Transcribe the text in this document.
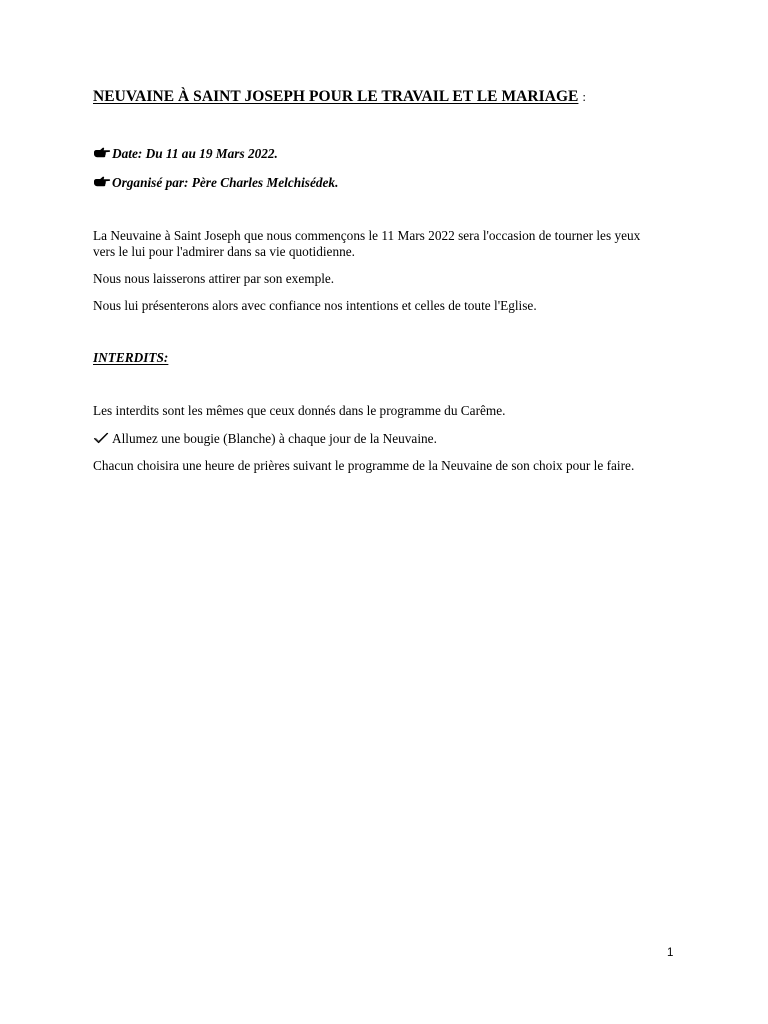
NEUVAINE À SAINT JOSEPH POUR LE TRAVAIL ET LE MARIAGE :
Date: Du 11 au 19 Mars 2022.
Organisé par: Père Charles Melchisédek.
La Neuvaine à Saint Joseph que nous commençons le 11 Mars 2022 sera l'occasion de tourner les yeux
vers le lui pour l'admirer dans sa vie quotidienne.
Nous nous laisserons attirer par son exemple.
Nous lui présenterons alors avec confiance nos intentions et celles de toute l'Eglise.
INTERDITS:
Les interdits sont les mêmes que ceux donnés dans le programme du Carême.
Allumez une bougie (Blanche) à chaque jour de la Neuvaine.
Chacun choisira une heure de prières suivant le programme de la Neuvaine de son choix pour le faire.
1
